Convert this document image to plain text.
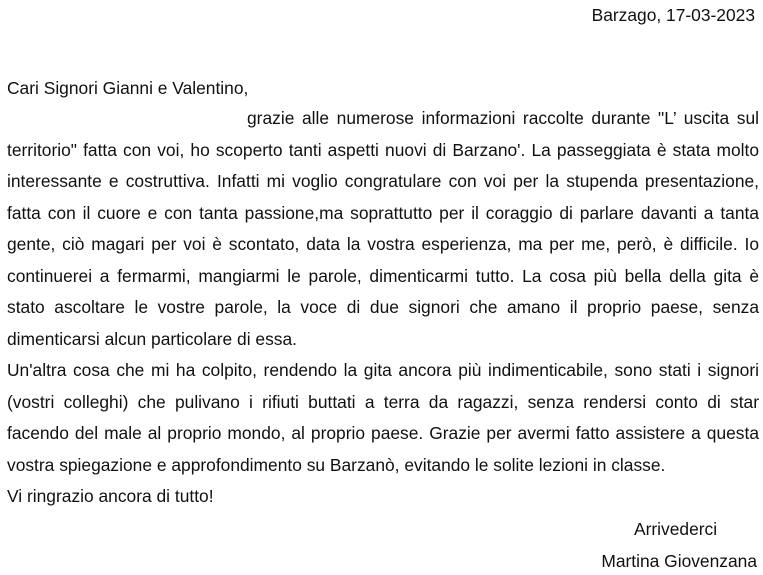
Barzago, 17-03-2023
Cari Signori Gianni e Valentino,

grazie alle numerose informazioni raccolte durante "L’ uscita sul territorio" fatta con voi, ho scoperto tanti aspetti nuovi di Barzano'. La passeggiata è stata molto interessante e costruttiva. Infatti mi voglio congratulare con voi per la stupenda presentazione, fatta con il cuore e con tanta passione,ma soprattutto per il coraggio di parlare davanti a tanta gente, ciò magari per voi è scontato, data la vostra esperienza, ma per me, però, è difficile. Io continuerei a fermarmi, mangiarmi le parole, dimenticarmi tutto. La cosa più bella della gita è stato ascoltare le vostre parole, la voce di due signori che amano il proprio paese, senza dimenticarsi alcun particolare di essa.

Un'altra cosa che mi ha colpito, rendendo la gita ancora più indimenticabile, sono stati i signori (vostri colleghi) che pulivano i rifiuti buttati a terra da ragazzi, senza rendersi conto di star facendo del male al proprio mondo, al proprio paese. Grazie per avermi fatto assistere a questa vostra spiegazione e approfondimento su Barzanò, evitando le solite lezioni in classe.

Vi ringrazio ancora di tutto!

Arrivederci
Martina Giovenzana
